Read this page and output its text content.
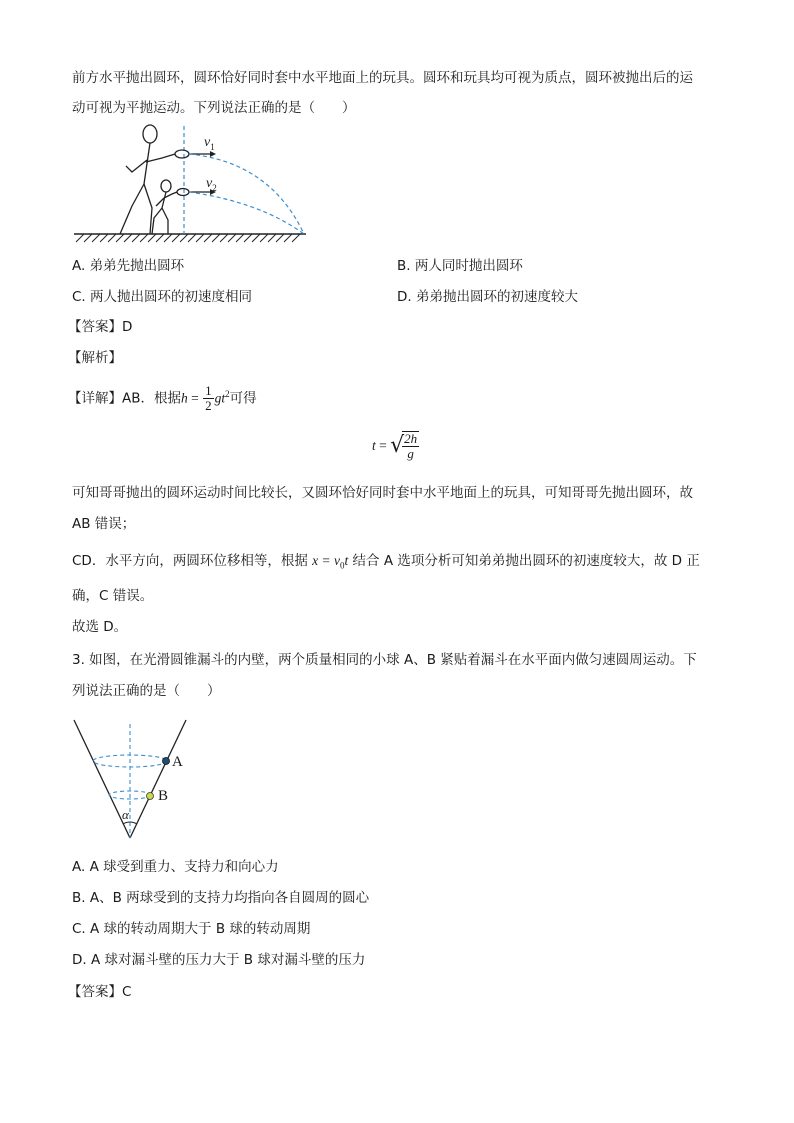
前方水平抛出圆环，圆环恰好同时套中水平地面上的玩具。圆环和玩具均可视为质点，圆环被抛出后的运
动可视为平抛运动。下列说法正确的是（　　）
$v_1$
$v_2$
A. 弟弟先抛出圆环	B. 两人同时抛出圆环
C. 两人抛出圆环的初速度相同	D. 弟弟抛出圆环的初速度较大
【答案】D
【解析】
【详解】AB．根据$h = \frac{1}{2} gt^2$可得
t = √
$\frac{2h}{g}$
可知哥哥抛出的圆环运动时间比较长，又圆环恰好同时套中水平地面上的玩具，可知哥哥先抛出圆环，故
AB 错误；
CD．水平方向，两圆环位移相等，根据 $x = v_0t$ 结合 A 选项分析可知弟弟抛出圆环的初速度较大，故 D 正
确，C 错误。
故选 D。
3. 如图，在光滑圆锥漏斗的内壁，两个质量相同的小球 A、B 紧贴着漏斗在水平面内做匀速圆周运动。下
列说法正确的是（　　）
A
B
α
A. A 球受到重力、支持力和向心力
B. A、B 两球受到的支持力均指向各自圆周的圆心
C. A 球的转动周期大于 B 球的转动周期
D. A 球对漏斗壁的压力大于 B 球对漏斗壁的压力
【答案】C
